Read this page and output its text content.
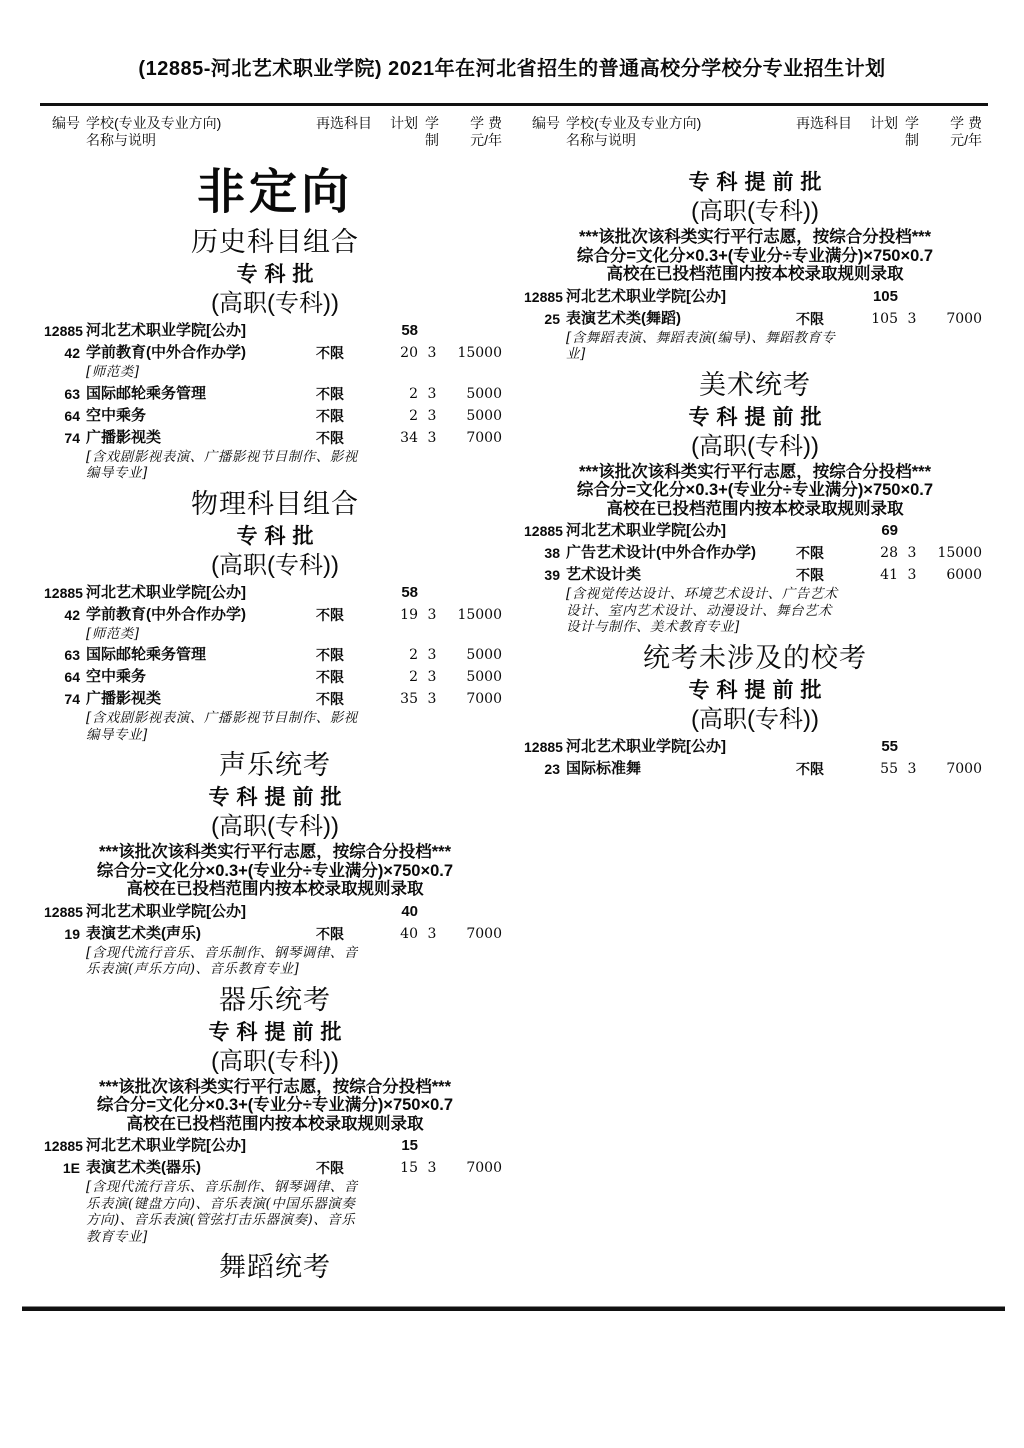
(12885-河北艺术职业学院) 2021年在河北省招生的普通高校分学校分专业招生计划
编号 学校(专业及专业方向)
名称与说明
再选科目	计划 学
制
学 费
元/年
编号 学校(专业及专业方向)
名称与说明
再选科目	计划 学
制
学 费
元/年
非定向
历史科目组合
专科批
(高职(专科))
12885 河北艺术职业学院[公办]	58
42 学前教育(中外合作办学)	不限	20 3	15000
[师范类]
63 国际邮轮乘务管理	不限	2 3	5000
64 空中乘务	不限	2 3	5000
74 广播影视类	不限	34 3	7000
[含戏剧影视表演、广播影视节目制作、影视编导专业]
物理科目组合
专科批
(高职(专科))
12885 河北艺术职业学院[公办]	58
42 学前教育(中外合作办学)	不限	19 3	15000
[师范类]
63 国际邮轮乘务管理	不限	2 3	5000
64 空中乘务	不限	2 3	5000
74 广播影视类	不限	35 3	7000
[含戏剧影视表演、广播影视节目制作、影视编导专业]
声乐统考
专科提前批
(高职(专科))
***该批次该科类实行平行志愿，按综合分投档***
综合分=文化分×0.3+(专业分÷专业满分)×750×0.7
高校在已投档范围内按本校录取规则录取
12885 河北艺术职业学院[公办]	40
19 表演艺术类(声乐)	不限	40 3	7000
[含现代流行音乐、音乐制作、钢琴调律、音乐表演(声乐方向)、音乐教育专业]
器乐统考
专科提前批
(高职(专科))
***该批次该科类实行平行志愿，按综合分投档***
综合分=文化分×0.3+(专业分÷专业满分)×750×0.7
高校在已投档范围内按本校录取规则录取
12885 河北艺术职业学院[公办]	15
1E 表演艺术类(器乐)	不限	15 3	7000
[含现代流行音乐、音乐制作、钢琴调律、音乐表演(键盘方向)、音乐表演(中国乐器演奏方向)、音乐表演(管弦打击乐器演奏)、音乐教育专业]
舞蹈统考
专科提前批
(高职(专科))
***该批次该科类实行平行志愿，按综合分投档***
综合分=文化分×0.3+(专业分÷专业满分)×750×0.7
高校在已投档范围内按本校录取规则录取
12885 河北艺术职业学院[公办]	105
25 表演艺术类(舞蹈)	不限	105 3	7000
[含舞蹈表演、舞蹈表演(编导)、舞蹈教育专业]
美术统考
专科提前批
(高职(专科))
***该批次该科类实行平行志愿，按综合分投档***
综合分=文化分×0.3+(专业分÷专业满分)×750×0.7
高校在已投档范围内按本校录取规则录取
12885 河北艺术职业学院[公办]	69
38 广告艺术设计(中外合作办学)	不限	28 3	15000
39 艺术设计类	不限	41 3	6000
[含视觉传达设计、环境艺术设计、广告艺术设计、室内艺术设计、动漫设计、舞台艺术设计与制作、美术教育专业]
统考未涉及的校考
专科提前批
(高职(专科))
12885 河北艺术职业学院[公办]	55
23 国际标准舞	不限	55 3	7000
